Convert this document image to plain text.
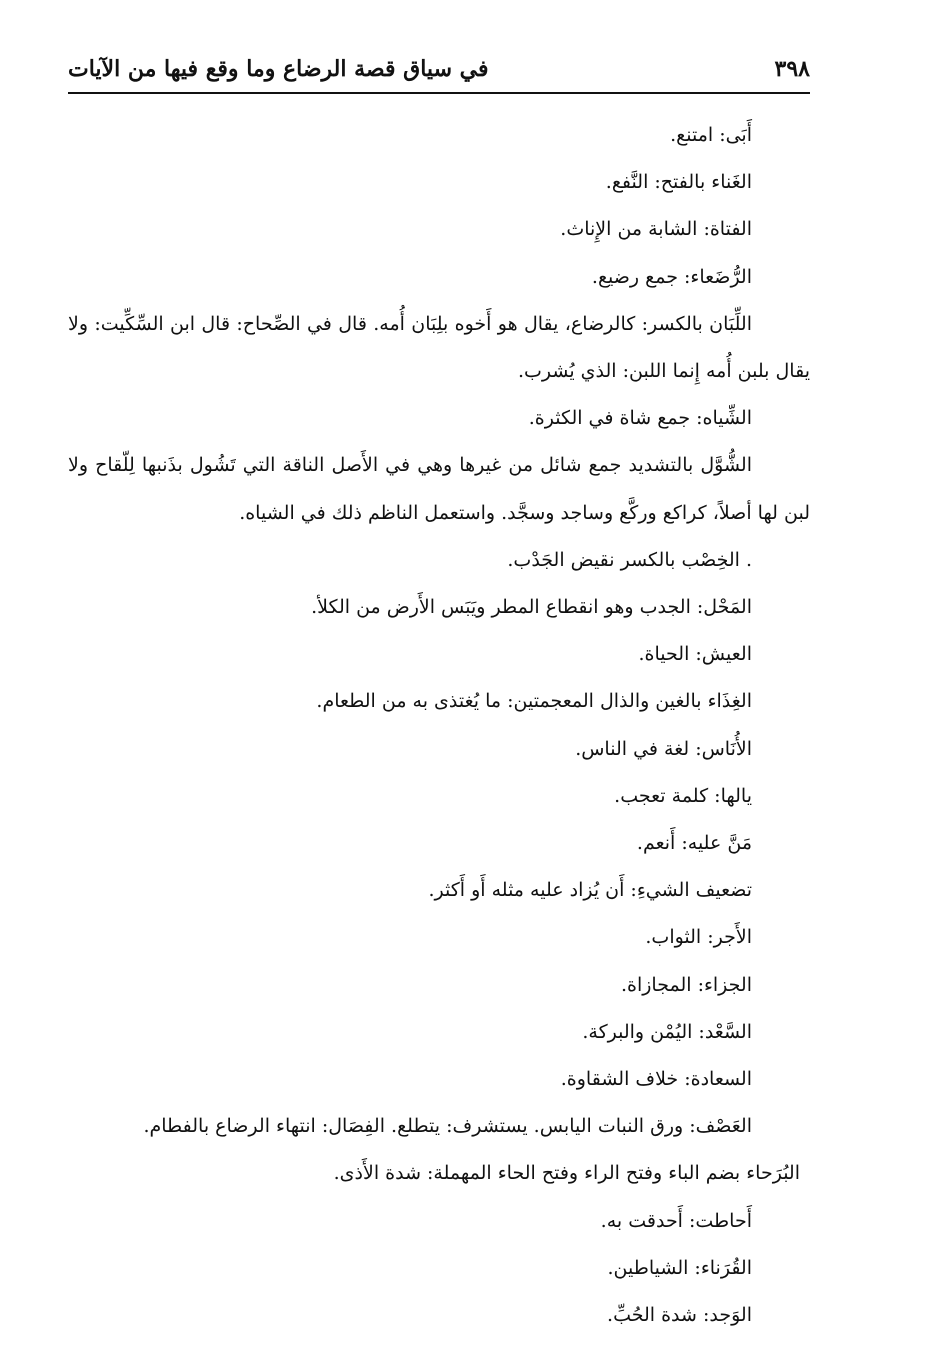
٣٩٨
في سياق قصة الرضاع وما وقع فيها من الآيات
أَبَى: امتنع.
الغَناء بالفتح: النَّفع.
الفتاة: الشابة من الإِناث.
الرُّضَعاء: جمع رضيع.
اللِّبَان بالكسر: كالرضاع، يقال هو أَخوه بلِبَان أُمه. قال في الصِّحاح: قال ابن السِّكِّيت: ولا يقال بلبن أُمه إِنما اللبن: الذي يُشرب.
الشِّياه: جمع شاة في الكثرة.
الشُّوَّل بالتشديد جمع شائل من غيرها وهي في الأَصل الناقة التي تَشُول بذَنبها لِلّقاح ولا لبن لها أصلاً، كراكع وركَّع وساجد وسجَّد. واستعمل الناظم ذلك في الشياه.
. الخِصْب بالكسر نقيض الجَدْب.
المَحْل: الجدب وهو انقطاع المطر ويَبَس الأَرض من الكلأ.
العيش: الحياة.
الغِذَاء بالغين والذال المعجمتين: ما يُغتذى به من الطعام.
الأُنَاس: لغة في الناس.
يالها: كلمة تعجب.
مَنَّ عليه: أَنعم.
تضعيف الشيءِ: أَن يُزاد عليه مثله أَو أَكثر.
الأَجر: الثواب.
الجزاء: المجازاة.
السَّعْد: اليُمْن والبركة.
السعادة: خلاف الشقاوة.
العَصْف: ورق النبات اليابس. يستشرف: يتطلع. الفِصَال: انتهاء الرضاع بالفطام.
البُرَحاء بضم الباء وفتح الراء وفتح الحاء المهملة: شدة الأَذى.
أَحاطت: أَحدقت به.
القُرَناء: الشياطين.
الوَجد: شدة الحُبِّ.
